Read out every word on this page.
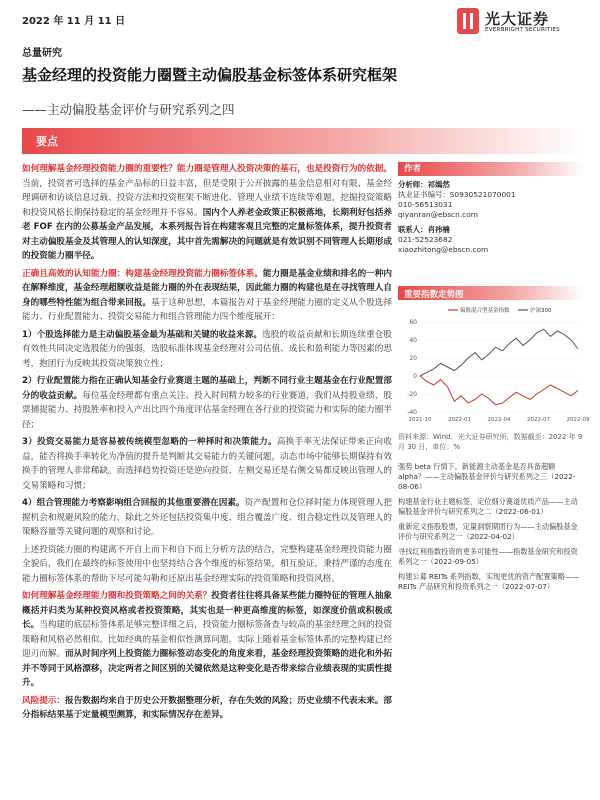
2022 年 11 月 11 日	光大证券
EVERBRIGHT SECURITIES
总量研究
基金经理的投资能力圈暨主动偏股基金标签体系研究框架
——主动偏股基金评价与研究系列之四
要点

如何理解基金经理投资能力圈的重要性？能力圈是管理人投资决策的基石，也是投资行为的依据。当前，投资者可选择的基金产品标的日益丰富，但是受限于公开披露的基金信息相对有限、基金经理调研和访谈信息过载、投资方法和投资框架不断进化、管理人业绩不连续等难题，挖掘投资策略和投资风格长期保持稳定的基金经理并不容易。国内个人养老金政策正积极落地，长期利好包括养老 FOF 在内的公募基金产品发展，本系列报告旨在构建客观且完整的定量标签体系，提升投资者对主动偏股基金及其管理人的认知深度，其中首先需解决的问题就是有效识别不同管理人长期形成的投资能力圈半径。

正确且高效的认知能力圈：构建基金经理投资能力圈标签体系。能力圈是基金业绩和排名的一种内在解释维度，基金经理超额收益是能力圈的外在表现结果，因此能力圈的构建也是在寻找管理人自身的哪些特性能为组合带来回报。基于这种思想，本篇报告对于基金经理能力圈的定义从个股选择能力、行业配置能力、投资交易能力和组合管理能力四个维度展开：

1）个股选择能力是主动偏股基金最为基础和关键的收益来源。选股的收益贡献和长期连续重仓股有效性共同决定选股能力的强弱，选股标准体现基金经理对公司估值、成长和盈利能力等因素的思考，抱团行为反映其投资决策独立性；

2）行业配置能力指在正确认知基金行业赛道主题的基础上，判断不同行业主题基金在行业配置部分的收益贡献。每位基金经理都有重点关注、投入时间精力较多的行业赛道，我们从持股业绩、股票捕捉能力、持股胜率和投入产出比四个角度评估基金经理在各行业的投资能力和实际的能力圈半径；

3）投资交易能力是容易被传统模型忽略的一种择时和决策能力。高换手率无法保证带来正向收益，能否将换手率转化为净值的提升是判断其交易能力的关键问题，动态市场中能够长期保持有效换手的管理人非常稀缺。而选择趋势投资还是逆向投资、左侧交易还是右侧交易都反映出管理人的交易策略和习惯；

4）组合管理能力考察影响组合回报的其他重要潜在因素。资产配置和仓位择时能力体现管理人把握机会和规避风险的能力，除此之外还包括投资集中度、组合覆盖广度、组合稳定性以及管理人的策略容量等关键问题的观察和讨论。

上述投资能力圈的构建离不开自上而下和自下而上分析方法的结合，完整构建基金经理投资能力圈全貌后，我们在最终的标签使用中也坚持结合各个维度的标签结果，相互验证，秉持严谨的态度在能力圈标签体系的帮助下尽可能勾勒和还原出基金经理实际的投资策略和投资风格。

如何理解基金经理能力圈和投资策略之间的关系？投资者往往将具备某些能力圈特征的管理人抽象概括并归类为某种投资风格或者投资策略，其实也是一种更高维度的标签，如深度价值或积极成长。当构建的底层标签体系足够完整详细之后，投资能力圈标签备查与较高的基金经理之间的投资策略和风格必然相似。比如经典的基金相似性测算问题，实际上随着基金标签体系的完整构建已经迎刃而解。而从时间序列上投资能力圈标签动态变化的角度来看，基金经理投资策略的进化和外拓并不等同于风格漂移，决定两者之间区别的关键依然是这种变化是否带来综合业绩表现的实质性提升。

风险提示：报告数据均来自于历史公开数据整理分析，存在失效的风险；历史业绩不代表未来。部分指标结果基于定量模型测算，和实际情况存在差异。

作者
分析师：祁嫣然
执业证书编号：S0930521070001
010-56513031
qiyanran@ebscn.com
联系人：肖祎楠
021-52523682
xiaozhitong@ebscn.com
重要指数走势图
-40
-20
0
20
40
60
2021-10	2022-01	2022-04	2022-07	2022-09
偏股混合型基金指数	沪深300
资料来源：Wind，光大证券研究所，数据截至：2022 年 9 月 30 日，单位：%
强势 beta 行情下，新能源主动基金是否具备超额 alpha？——主动偏股基金评价与研究系列之三（2022-08-06）
构建基金行业主题标签，定位细分赛道优质产品——主动偏股基金评价与研究系列之二（2022-06-01）
重新定义指股股票，定量洞察期团行为——主动偏股基金评价与研究系列之一（2022-04-02）
寻找红利指数投资的更多可能性——指数基金研究和投资系列之一（2022-09-05）
构建公募 REITs 系列指数，实现更优的资产配置策略——REITs 产品研究和投资系列之一（2022-07-07）
